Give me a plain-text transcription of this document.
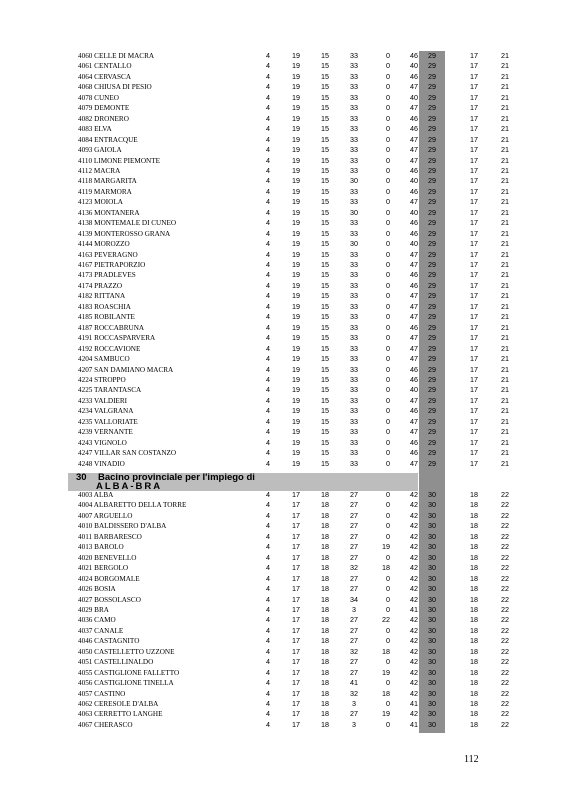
4060 CELLE DI MACRA	4	19	15	33	0	46	29	17	21
4061 CENTALLO	4	19	15	33	0	40	29	17	21
4064 CERVASCA	4	19	15	33	0	46	29	17	21
4068 CHIUSA DI PESIO	4	19	15	33	0	47	29	17	21
4078 CUNEO	4	19	15	33	0	40	29	17	21
4079 DEMONTE	4	19	15	33	0	47	29	17	21
4082 DRONERO	4	19	15	33	0	46	29	17	21
4083 ELVA	4	19	15	33	0	46	29	17	21
4084 ENTRACQUE	4	19	15	33	0	47	29	17	21
4093 GAIOLA	4	19	15	33	0	47	29	17	21
4110 LIMONE PIEMONTE	4	19	15	33	0	47	29	17	21
4112 MACRA	4	19	15	33	0	46	29	17	21
4118 MARGARITA	4	19	15	30	0	40	29	17	21
4119 MARMORA	4	19	15	33	0	46	29	17	21
4123 MOIOLA	4	19	15	33	0	47	29	17	21
4136 MONTANERA	4	19	15	30	0	40	29	17	21
4138 MONTEMALE DI CUNEO	4	19	15	33	0	46	29	17	21
4139 MONTEROSSO GRANA	4	19	15	33	0	46	29	17	21
4144 MOROZZO	4	19	15	30	0	40	29	17	21
4163 PEVERAGNO	4	19	15	33	0	47	29	17	21
4167 PIETRAPORZIO	4	19	15	33	0	47	29	17	21
4173 PRADLEVES	4	19	15	33	0	46	29	17	21
4174 PRAZZO	4	19	15	33	0	46	29	17	21
4182 RITTANA	4	19	15	33	0	47	29	17	21
4183 ROASCHIA	4	19	15	33	0	47	29	17	21
4185 ROBILANTE	4	19	15	33	0	47	29	17	21
4187 ROCCABRUNA	4	19	15	33	0	46	29	17	21
4191 ROCCASPARVERA	4	19	15	33	0	47	29	17	21
4192 ROCCAVIONE	4	19	15	33	0	47	29	17	21
4204 SAMBUCO	4	19	15	33	0	47	29	17	21
4207 SAN DAMIANO MACRA	4	19	15	33	0	46	29	17	21
4224 STROPPO	4	19	15	33	0	46	29	17	21
4225 TARANTASCA	4	19	15	33	0	40	29	17	21
4233 VALDIERI	4	19	15	33	0	47	29	17	21
4234 VALGRANA	4	19	15	33	0	46	29	17	21
4235 VALLORIATE	4	19	15	33	0	47	29	17	21
4239 VERNANTE	4	19	15	33	0	47	29	17	21
4243 VIGNOLO	4	19	15	33	0	46	29	17	21
4247 VILLAR SAN COSTANZO	4	19	15	33	0	46	29	17	21
4248 VINADIO	4	19	15	33	0	47	29	17	21
30 Bacino provinciale per l'impiego di
ALBA-BRA
4003 ALBA	4	17	18	27	0	42	30	18	22
4004 ALBARETTO DELLA TORRE	4	17	18	27	0	42	30	18	22
4007 ARGUELLO	4	17	18	27	0	42	30	18	22
4010 BALDISSERO D'ALBA	4	17	18	27	0	42	30	18	22
4011 BARBARESCO	4	17	18	27	0	42	30	18	22
4013 BAROLO	4	17	18	27	19	42	30	18	22
4020 BENEVELLO	4	17	18	27	0	42	30	18	22
4021 BERGOLO	4	17	18	32	18	42	30	18	22
4024 BORGOMALE	4	17	18	27	0	42	30	18	22
4026 BOSIA	4	17	18	27	0	42	30	18	22
4027 BOSSOLASCO	4	17	18	34	0	42	30	18	22
4029 BRA	4	17	18	3	0	41	30	18	22
4036 CAMO	4	17	18	27	22	42	30	18	22
4037 CANALE	4	17	18	27	0	42	30	18	22
4046 CASTAGNITO	4	17	18	27	0	42	30	18	22
4050 CASTELLETTO UZZONE	4	17	18	32	18	42	30	18	22
4051 CASTELLINALDO	4	17	18	27	0	42	30	18	22
4055 CASTIGLIONE FALLETTO	4	17	18	27	19	42	30	18	22
4056 CASTIGLIONE TINELLA	4	17	18	41	0	42	30	18	22
4057 CASTINO	4	17	18	32	18	42	30	18	22
4062 CERESOLE D'ALBA	4	17	18	3	0	41	30	18	22
4063 CERRETTO LANGHE	4	17	18	27	19	42	30	18	22
4067 CHERASCO	4	17	18	3	0	41	30	18	22
112
